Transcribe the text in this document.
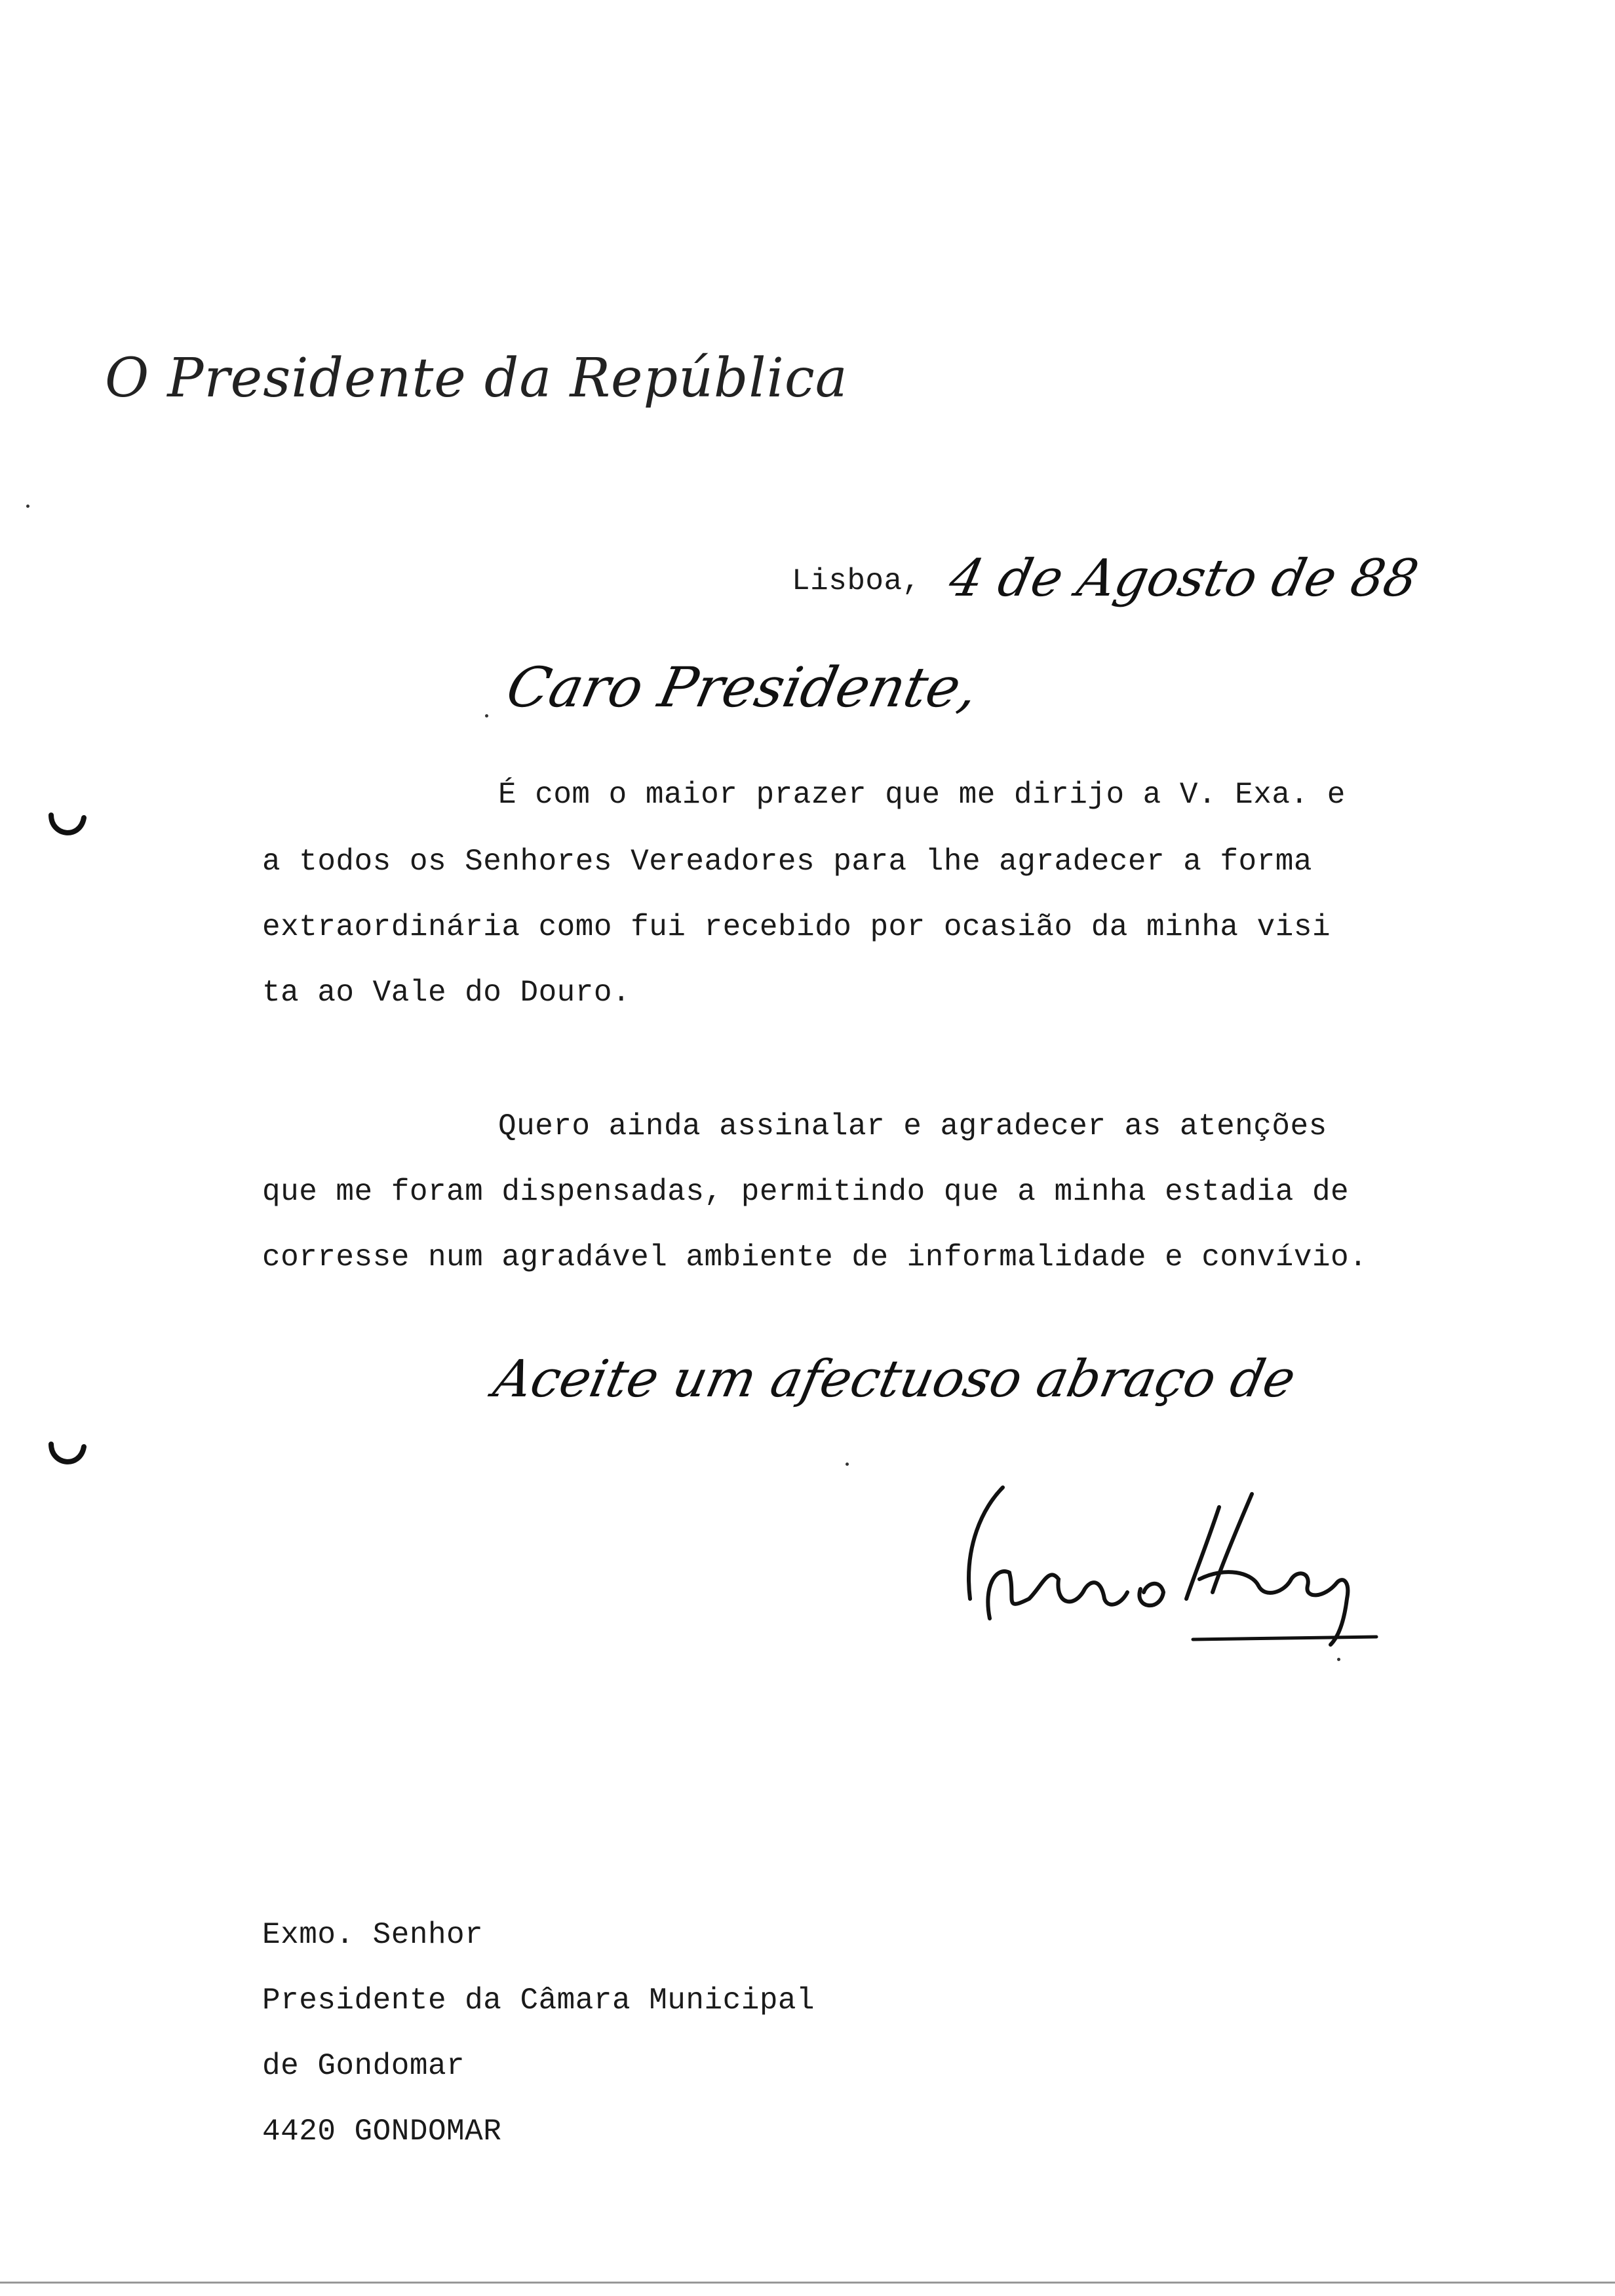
O Presidente da República
Lisboa, 4 de Agosto de 88
Caro Presidente,
É com o maior prazer que me dirijo a V. Exa. e
a todos os Senhores Vereadores para lhe agradecer a forma
extraordinária como fui recebido por ocasião da minha visi
ta ao Vale do Douro.
Quero ainda assinalar e agradecer as atenções
que me foram dispensadas, permitindo que a minha estadia de
corresse num agradável ambiente de informalidade e convívio.
Aceite um afectuoso abraço de
Exmo. Senhor
Presidente da Câmara Municipal
de Gondomar
4420 GONDOMAR
